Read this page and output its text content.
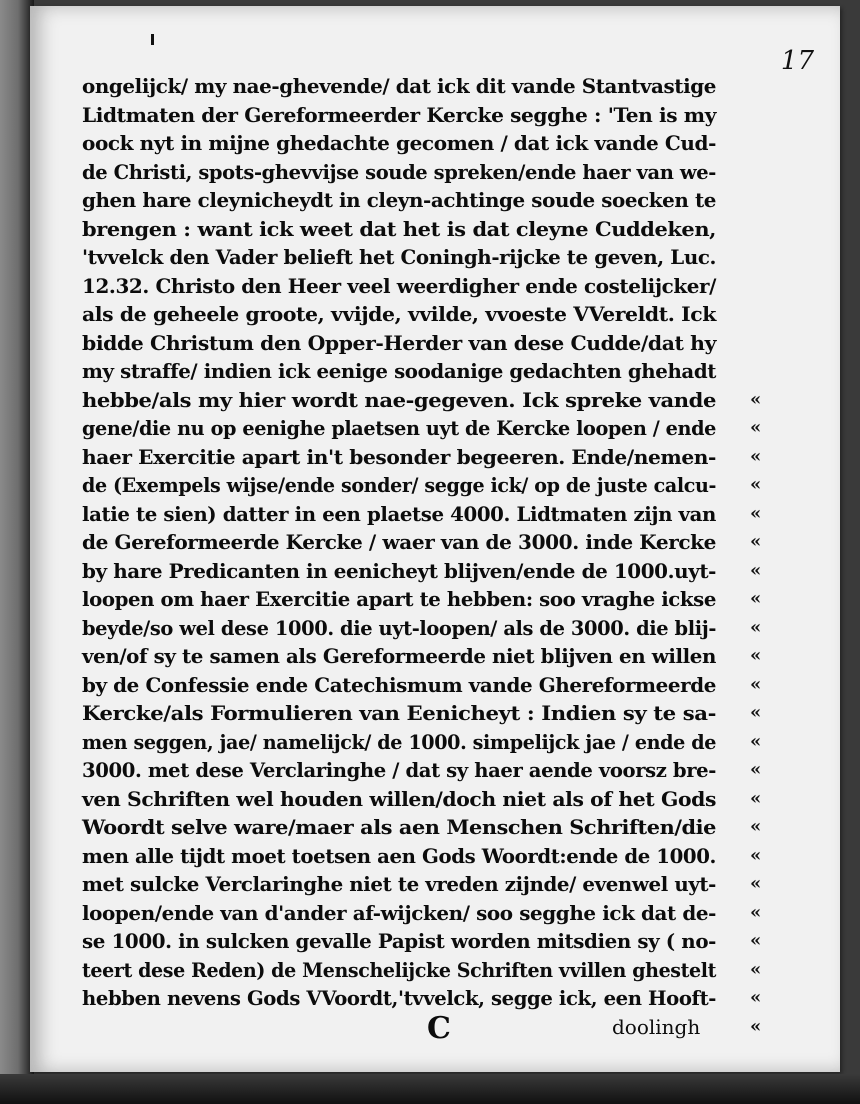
17
ongelijck/ my nae-ghevende/ dat ick dit vande Stantvastige
Lidtmaten der Gereformeerder Kercke segghe : 'Ten is my
oock nyt in mijne ghedachte gecomen / dat ick vande Cud-
de Christi, spots-ghevvijse soude spreken/ende haer van we-
ghen hare cleynicheydt in cleyn-achtinge soude soecken te
brengen : want ick weet dat het is dat cleyne Cuddeken,
'tvvelck den Vader belieft het Coningh-rijcke te geven, Luc.
12.32. Christo den Heer veel weerdigher ende costelijcker/
als de geheele groote, vvijde, vvilde, vvoeste VVereldt. Ick
bidde Christum den Opper-Herder van dese Cudde/dat hy
my straffe/ indien ick eenige soodanige gedachten ghehadt
hebbe/als my hier wordt nae-gegeven. Ick spreke vande «
gene/die nu op eenighe plaetsen uyt de Kercke loopen / ende «
haer Exercitie apart in't besonder begeeren. Ende/nemen- «
de (Exempels wijse/ende sonder/ segge ick/ op de juste calcu- «
latie te sien) datter in een plaetse 4000. Lidtmaten zijn van «
de Gereformeerde Kercke / waer van de 3000. inde Kercke «
by hare Predicanten in eenicheyt blijven/ende de 1000.uyt- «
loopen om haer Exercitie apart te hebben: soo vraghe ickse «
beyde/so wel dese 1000. die uyt-loopen/ als de 3000. die blij- «
ven/of sy te samen als Gereformeerde niet blijven en willen «
by de Confessie ende Catechismum vande Ghereformeerde «
Kercke/als Formulieren van Eenicheyt : Indien sy te sa- «
men seggen, jae/ namelijck/ de 1000. simpelijck jae / ende de «
3000. met dese Verclaringhe / dat sy haer aende voorsz bre- «
ven Schriften wel houden willen/doch niet als of het Gods «
Woordt selve ware/maer als aen Menschen Schriften/die «
men alle tijdt moet toetsen aen Gods Woordt:ende de 1000. «
met sulcke Verclaringhe niet te vreden zijnde/ evenwel uyt- «
loopen/ende van d'ander af-wijcken/ soo segghe ick dat de- «
se 1000. in sulcken gevalle Papist worden mitsdien sy ( no- «
teert dese Reden) de Menschelijcke Schriften vvillen ghestelt «
hebben nevens Gods VVoordt,'tvvelck, segge ick, een Hooft- «
C	doolingh	«
